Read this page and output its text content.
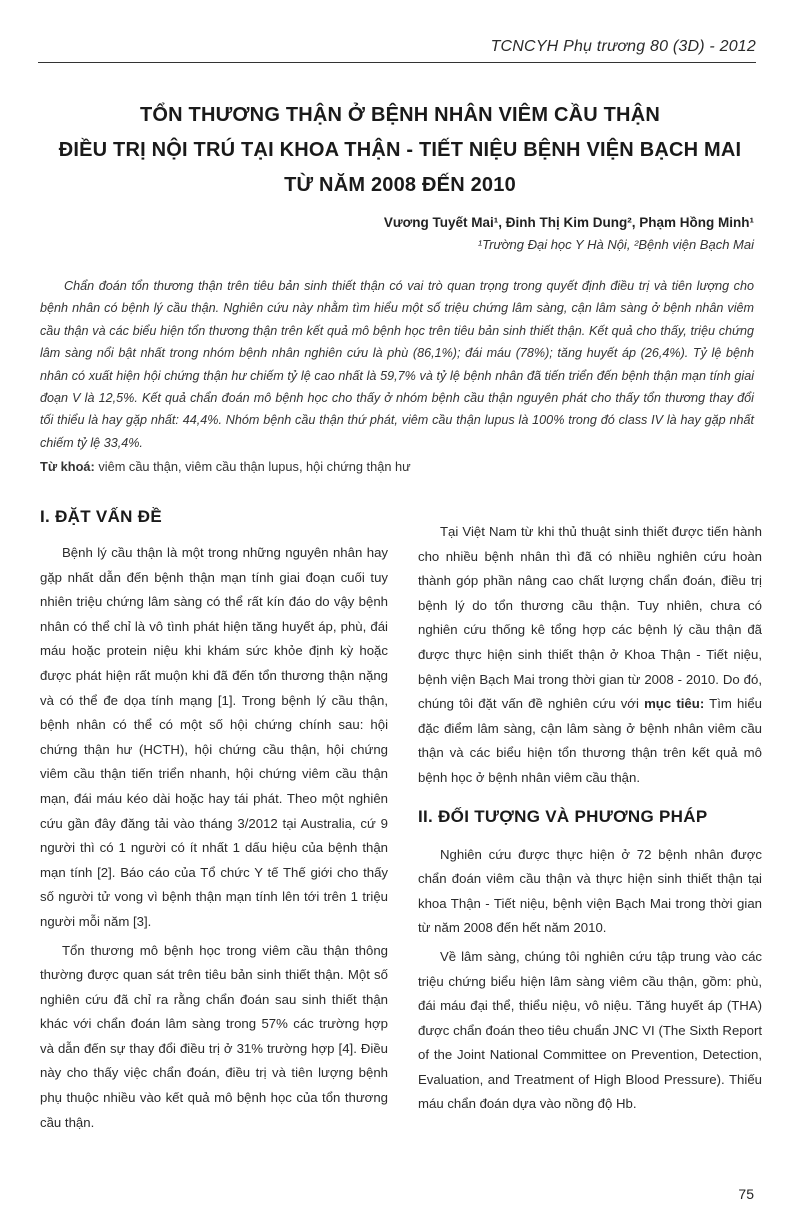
TCNCYH Phụ trương 80 (3D) - 2012
TỔN THƯƠNG THẬN Ở BỆNH NHÂN VIÊM CẦU THẬN
ĐIỀU TRỊ NỘI TRÚ TẠI KHOA THẬN - TIẾT NIỆU BỆNH VIỆN BẠCH MAI
TỪ NĂM 2008 ĐẾN 2010
Vương Tuyết Mai¹, Đinh Thị Kim Dung², Phạm Hồng Minh¹
¹Trường Đại học Y Hà Nội, ²Bệnh viện Bạch Mai
Chẩn đoán tổn thương thận trên tiêu bản sinh thiết thận có vai trò quan trọng trong quyết định điều trị và tiên lượng cho bệnh nhân có bệnh lý cầu thận. Nghiên cứu này nhằm tìm hiểu một số triệu chứng lâm sàng, cận lâm sàng ở bệnh nhân viêm cầu thận và các biểu hiện tổn thương thận trên kết quả mô bệnh học trên tiêu bản sinh thiết thận. Kết quả cho thấy, triệu chứng lâm sàng nổi bật nhất trong nhóm bệnh nhân nghiên cứu là phù (86,1%); đái máu (78%); tăng huyết áp (26,4%). Tỷ lệ bệnh nhân có xuất hiện hội chứng thận hư chiếm tỷ lệ cao nhất là 59,7% và tỷ lệ bệnh nhân đã tiến triển đến bệnh thận mạn tính giai đoạn V là 12,5%. Kết quả chẩn đoán mô bệnh học cho thấy ở nhóm bệnh cầu thận nguyên phát cho thấy tổn thương thay đổi tối thiểu là hay gặp nhất: 44,4%. Nhóm bệnh cầu thận thứ phát, viêm cầu thận lupus là 100% trong đó class IV là hay gặp nhất chiếm tỷ lệ 33,4%.
Từ khoá: viêm cầu thận, viêm cầu thận lupus, hội chứng thận hư
I. ĐẶT VẤN ĐỀ

Bệnh lý cầu thận là một trong những nguyên nhân hay gặp nhất dẫn đến bệnh thận mạn tính giai đoạn cuối tuy nhiên triệu chứng lâm sàng có thể rất kín đáo do vậy bệnh nhân có thể chỉ là vô tình phát hiện tăng huyết áp, phù, đái máu hoặc protein niệu khi khám sức khỏe định kỳ hoặc được phát hiện rất muộn khi đã đến tổn thương thận nặng và có thể đe dọa tính mạng [1]. Trong bệnh lý cầu thận, bệnh nhân có thể có một số hội chứng chính sau: hội chứng thận hư (HCTH), hội chứng cầu thận, hội chứng viêm cầu thận tiến triển nhanh, hội chứng viêm cầu thận mạn, đái máu kéo dài hoặc hay tái phát. Theo một nghiên cứu gần đây đăng tải vào tháng 3/2012 tại Australia, cứ 9 người thì có 1 người có ít nhất 1 dấu hiệu của bệnh thận mạn tính [2]. Báo cáo của Tổ chức Y tế Thế giới cho thấy số người tử vong vì bệnh thận mạn tính lên tới trên 1 triệu người mỗi năm [3].

Tổn thương mô bệnh học trong viêm cầu thận thông thường được quan sát trên tiêu bản sinh thiết thận. Một số nghiên cứu đã chỉ ra rằng chẩn đoán sau sinh thiết thận khác với chẩn đoán lâm sàng trong 57% các trường hợp và dẫn đến sự thay đổi điều trị ở 31% trường hợp [4]. Điều này cho thấy việc chẩn đoán, điều trị và tiên lượng bệnh phụ thuộc nhiều vào kết quả mô bệnh học của tổn thương cầu thận.

Tại Việt Nam từ khi thủ thuật sinh thiết được tiến hành cho nhiều bệnh nhân thì đã có nhiều nghiên cứu hoàn thành góp phần nâng cao chất lượng chẩn đoán, điều trị bệnh lý do tổn thương cầu thận. Tuy nhiên, chưa có nghiên cứu thống kê tổng hợp các bệnh lý cầu thận đã được thực hiện sinh thiết thận ở Khoa Thận - Tiết niệu, bệnh viện Bạch Mai trong thời gian từ 2008 - 2010. Do đó, chúng tôi đặt vấn đề nghiên cứu với mục tiêu: Tìm hiểu đặc điểm lâm sàng, cận lâm sàng ở bệnh nhân viêm cầu thận và các biểu hiện tổn thương thận trên kết quả mô bệnh học ở bệnh nhân viêm cầu thận.

II. ĐỐI TƯỢNG VÀ PHƯƠNG PHÁP

Nghiên cứu được thực hiện ở 72 bệnh nhân được chẩn đoán viêm cầu thận và thực hiện sinh thiết thận tại khoa Thận - Tiết niệu, bệnh viện Bạch Mai trong thời gian từ năm 2008 đến hết năm 2010.

Về lâm sàng, chúng tôi nghiên cứu tập trung vào các triệu chứng biểu hiện lâm sàng viêm cầu thận, gồm: phù, đái máu đại thể, thiểu niệu, vô niệu. Tăng huyết áp (THA) được chẩn đoán theo tiêu chuẩn JNC VI (The Sixth Report of the Joint National Committee on Prevention, Detection, Evaluation, and Treatment of High Blood Pressure). Thiếu máu chẩn đoán dựa vào nồng độ Hb.

75
